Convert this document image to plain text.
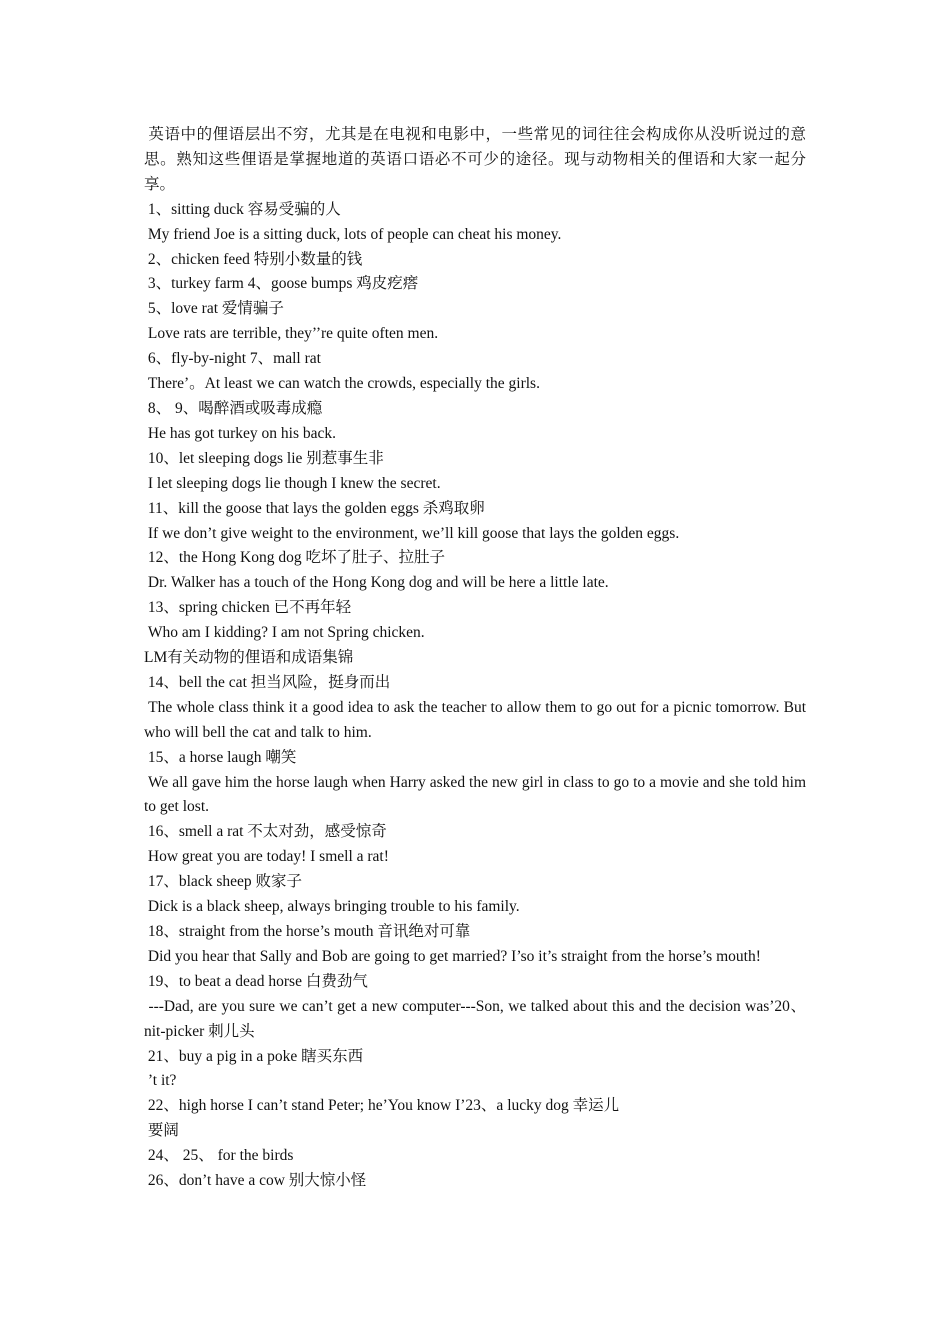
英语中的俚语层出不穷，尤其是在电视和电影中，一些常见的词往往会构成你从没听说过的意思。熟知这些俚语是掌握地道的英语口语必不可少的途径。现与动物相关的俚语和大家一起分享。
1、sitting duck 容易受骗的人
My friend Joe is a sitting duck, lots of people can cheat his money.
2、chicken feed 特别小数量的钱
3、turkey farm 4、goose bumps 鸡皮疙瘩
5、love rat 爱情骗子
Love rats are terrible, they’’re quite often men.
6、fly-by-night 7、mall rat
There’。At least we can watch the crowds, especially the girls.
8、 9、喝醉酒或吸毒成瘾
He has got turkey on his back.
10、let sleeping dogs lie 别惹事生非
I let sleeping dogs lie though I knew the secret.
11、kill the goose that lays the golden eggs 杀鸡取卵
If we don’t give weight to the environment, we’ll kill goose that lays the golden eggs.
12、the Hong Kong dog 吃坏了肚子、拉肚子
Dr. Walker has a touch of the Hong Kong dog and will be here a little late.
13、spring chicken 已不再年轻
Who am I kidding? I am not Spring chicken.
LM有关动物的俚语和成语集锦
14、bell the cat 担当风险，挺身而出
The whole class think it a good idea to ask the teacher to allow them to go out for a picnic tomorrow. But who will bell the cat and talk to him.
15、a horse laugh 嘲笑
We all gave him the horse laugh when Harry asked the new girl in class to go to a movie and she told him to get lost.
16、smell a rat 不太对劲，感受惊奇
How great you are today! I smell a rat!
17、black sheep 败家子
Dick is a black sheep, always bringing trouble to his family.
18、straight from the horse’s mouth 音讯绝对可靠
Did you hear that Sally and Bob are going to get married? I’so it’s straight from the horse’s mouth!
19、to beat a dead horse 白费劲气
---Dad, are you sure we can’t get a new computer---Son, we talked about this and the decision was’20、nit-picker 刺儿头
21、buy a pig in a poke 瞎买东西
’t it?
22、high horse I can’t stand Peter; he’You know I’23、a lucky dog 幸运儿
要阔
24、 25、 for the birds
26、don’t have a cow 别大惊小怪
